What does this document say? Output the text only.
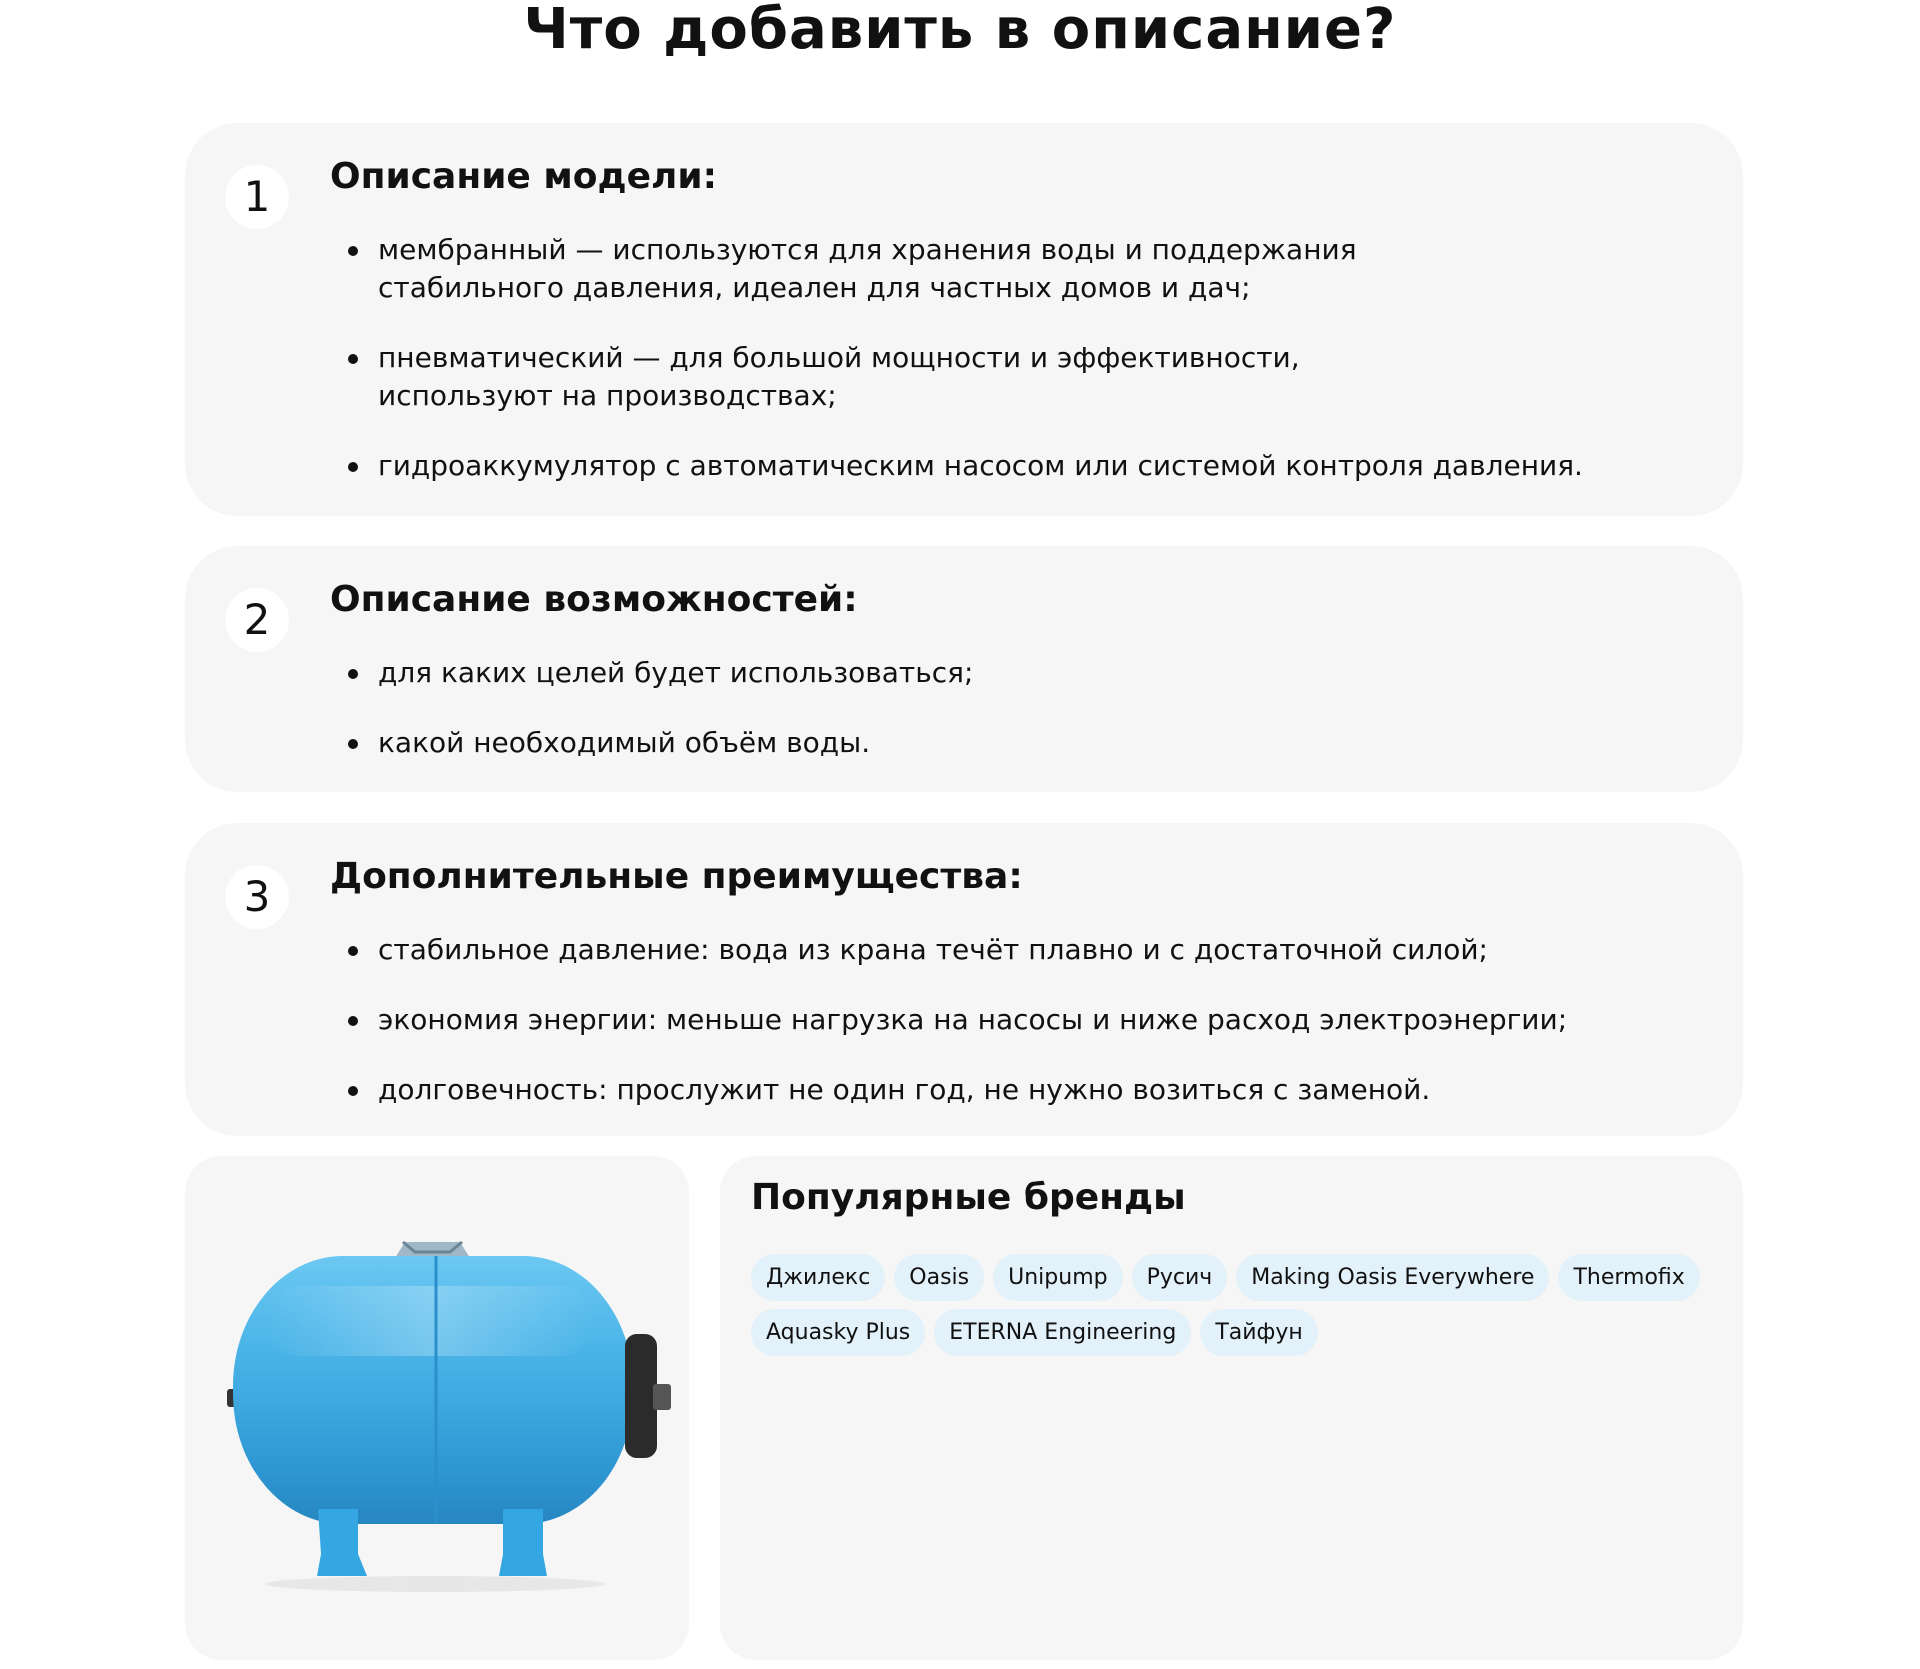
Что добавить в описание?
1	Описание модели:
мембранный — используются для хранения воды и поддержания
стабильного давления, идеален для частных домов и дач;
пневматический — для большой мощности и эффективности,
используют на производствах;
гидроаккумулятор с автоматическим насосом или системой контроля давления.
2	Описание возможностей:
для каких целей будет использоваться;
какой необходимый объём воды.
3	Дополнительные преимущества:
стабильное давление: вода из крана течёт плавно и с достаточной силой;
экономия энергии: меньше нагрузка на насосы и ниже расход электроэнергии;
долговечность: прослужит не один год, не нужно возиться с заменой.
Популярные бренды
Джилекс	Oasis	Unipump	Русич	Making Oasis Everywhere	Thermofix
Aquasky Plus	ETERNA Engineering	Тайфун
